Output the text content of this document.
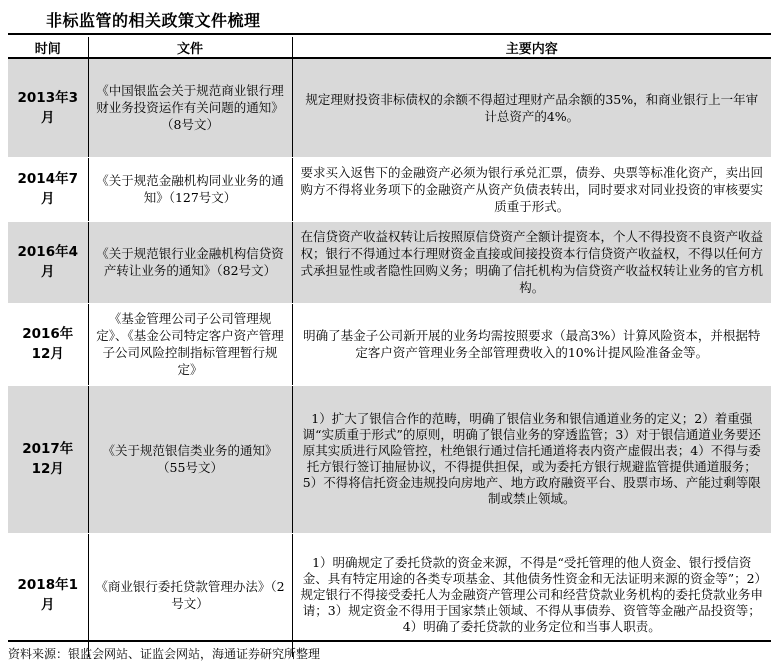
非标监管的相关政策文件梳理
时间	文件	主要内容
2013年3月	《中国银监会关于规范商业银行理财业务投资运作有关问题的通知》（8号文）	规定理财投资非标债权的余额不得超过理财产品余额的35%，和商业银行上一年审计总资产的4%。
2014年7月	《关于规范金融机构同业业务的通知》（127号文）	要求买入返售下的金融资产必须为银行承兑汇票，债券、央票等标准化资产，卖出回购方不得将业务项下的金融资产从资产负债表转出，同时要求对同业投资的审核要实质重于形式。
2016年4月	《关于规范银行业金融机构信贷资产转让业务的通知》（82号文）	在信贷资产收益权转让后按照原信贷资产全额计提资本，个人不得投资不良资产收益权；银行不得通过本行理财资金直接或间接投资本行信贷资产收益权，不得以任何方式承担显性或者隐性回购义务；明确了信托机构为信贷资产收益权转让业务的官方机构。
2016年12月	《基金管理公司子公司管理规定》、《基金公司特定客户资产管理子公司风险控制指标管理暂行规定》	明确了基金子公司新开展的业务均需按照要求（最高3%）计算风险资本，并根据特定客户资产管理业务全部管理费收入的10%计提风险准备金等。
2017年12月	《关于规范银信类业务的通知》（55号文）	1）扩大了银信合作的范畴，明确了银信业务和银信通道业务的定义；2）着重强调“实质重于形式”的原则，明确了银信业务的穿透监管；3）对于银信通道业务要还原其实质进行风险管控，杜绝银行通过信托通道将表内资产虚假出表；4）不得与委托方银行签订抽屉协议，不得提供担保，或为委托方银行规避监管提供通道服务；5）不得将信托资金违规投向房地产、地方政府融资平台、股票市场、产能过剩等限制或禁止领域。
2018年1月	《商业银行委托贷款管理办法》（2号文）	1）明确规定了委托贷款的资金来源，不得是“受托管理的他人资金、银行授信资金、具有特定用途的各类专项基金、其他债务性资金和无法证明来源的资金等”；2）规定银行不得接受委托人为金融资产管理公司和经营贷款业务机构的委托贷款业务申请；3）规定资金不得用于国家禁止领域、不得从事债券、资管等金融产品投资等；4）明确了委托贷款的业务定位和当事人职责。
资料来源：银监会网站、证监会网站，海通证券研究所整理
